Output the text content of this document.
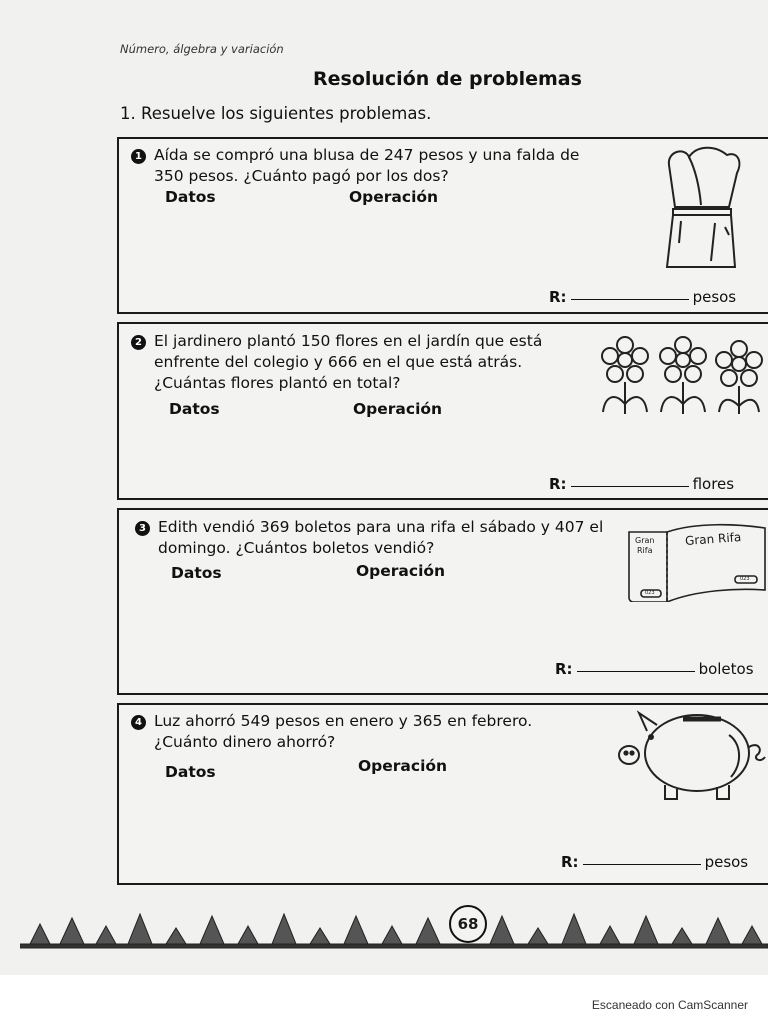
Número, álgebra y variación
Resolución de problemas
1. Resuelve los siguientes problemas.
1 Aída se compró una blusa de 247 pesos y una falda de
350 pesos. ¿Cuánto pagó por los dos?
Datos	Operación
R:	pesos
2 El jardinero plantó 150 flores en el jardín que está
enfrente del colegio y 666 en el que está atrás.
¿Cuántas flores plantó en total?
Datos	Operación
R:	flores
3 Edith vendió 369 boletos para una rifa el sábado y 407 el
domingo. ¿Cuántos boletos vendió?
Datos	Operación
R:	boletos
Gran
Rifa
Gran Rifa
023
023
4 Luz ahorró 549 pesos en enero y 365 en febrero.
¿Cuánto dinero ahorró?
Datos	Operación
R:	pesos
68
Escaneado con CamScanner
